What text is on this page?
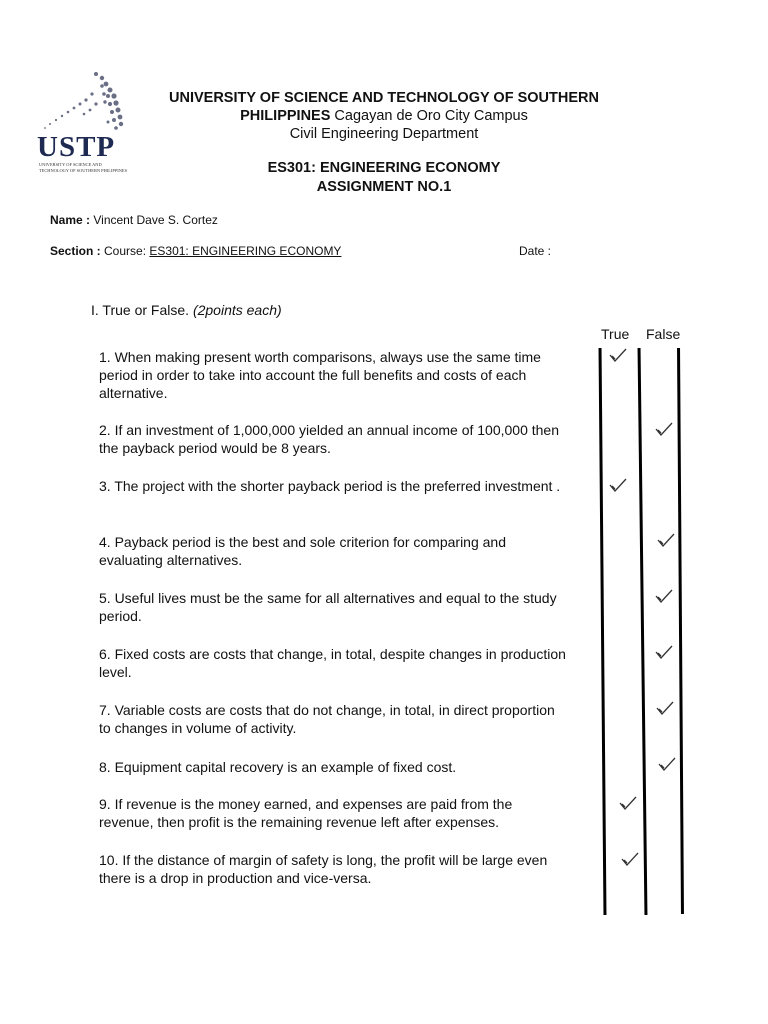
USTP
UNIVERSITY OF SCIENCE AND TECHNOLOGY OF SOUTHERN PHILIPPINES
UNIVERSITY OF SCIENCE AND TECHNOLOGY OF SOUTHERN
PHILIPPINES Cagayan de Oro City Campus
Civil Engineering Department
ES301: ENGINEERING ECONOMY
ASSIGNMENT NO.1
Name : Vincent Dave S. Cortez
Section : Course: ES301: ENGINEERING ECONOMY	Date :
I. True or False. (2points each)
True False
1. When making present worth comparisons, always use the same time period in order to take into account the full benefits and costs of each alternative.
2. If an investment of 1,000,000 yielded an annual income of 100,000 then the payback period would be 8 years.
3. The project with the shorter payback period is the preferred investment .
4. Payback period is the best and sole criterion for comparing and evaluating alternatives.
5. Useful lives must be the same for all alternatives and equal to the study period.
6. Fixed costs are costs that change, in total, despite changes in production level.
7. Variable costs are costs that do not change, in total, in direct proportion to changes in volume of activity.
8. Equipment capital recovery is an example of fixed cost.
9. If revenue is the money earned, and expenses are paid from the revenue, then profit is the remaining revenue left after expenses.
10. If the distance of margin of safety is long, the profit will be large even there is a drop in production and vice-versa.
